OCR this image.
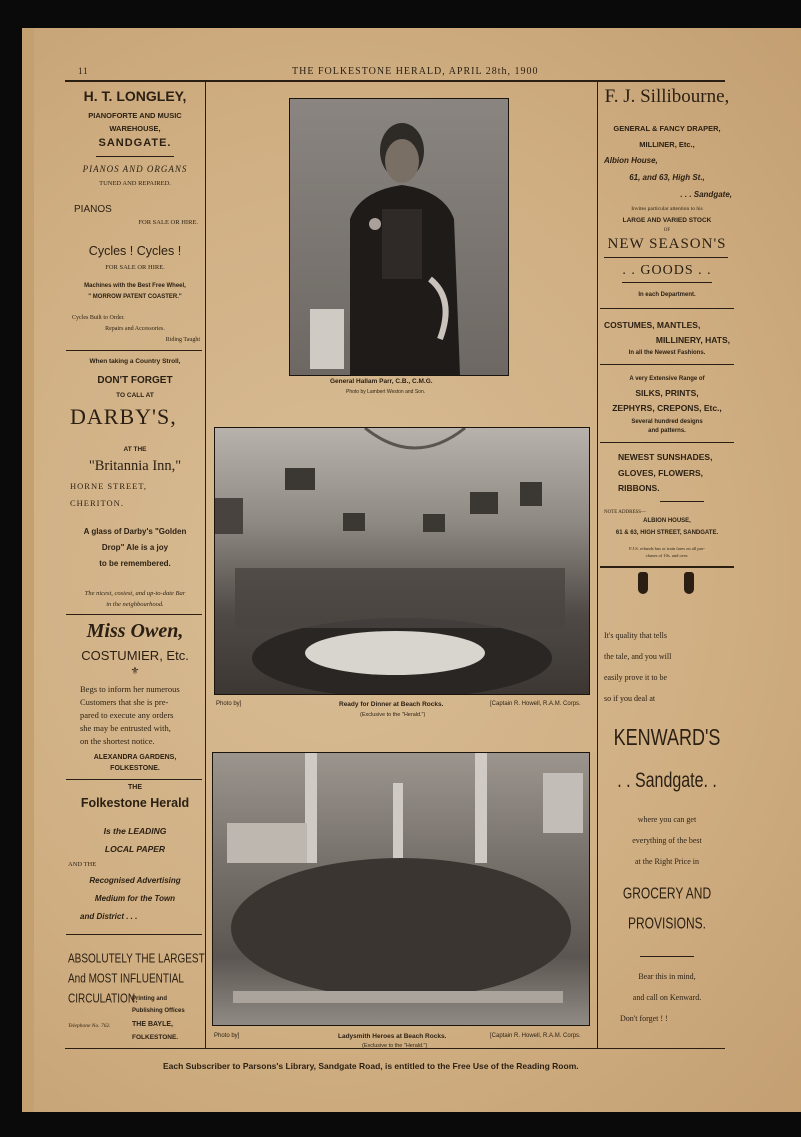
11	THE FOLKESTONE HERALD, APRIL 28th, 1900
H. T. LONGLEY,
PIANOFORTE AND MUSIC
WAREHOUSE,
SANDGATE.
PIANOS AND ORGANS
TUNED AND REPAIRED.
PIANOS
FOR SALE OR HIRE.
Cycles ! Cycles !
FOR SALE OR HIRE.
Machines with the Best Free Wheel,
" MORROW PATENT COASTER."
Cycles Built to Order.
Repairs and Accessories.
Riding Taught
When taking a Country Stroll,
DON'T FORGET
TO CALL AT
DARBY'S,
AT THE
"Britannia Inn,"
HORNE STREET,
CHERITON.
A glass of Darby's "Golden
Drop" Ale is a joy
to be remembered.
The nicest, cosiest, and up-to-date Bar
in the neighbourhood.
Miss Owen,
COSTUMIER, Etc.
⚜
Begs to inform her numerous
Customers that she is pre-
pared to execute any orders
she may be entrusted with,
on the shortest notice.
ALEXANDRA GARDENS,
FOLKESTONE.
THE
Folkestone Herald
Is the LEADING
LOCAL PAPER
AND THE
Recognised Advertising
Medium for the Town
and District . . .
ABSOLUTELY THE LARGEST
And MOST INFLUENTIAL
CIRCULATION.
Printing and
Publishing Offices
Telephone No. 762.	THE BAYLE,
FOLKESTONE.
General Hallam Parr, C.B., C.M.G.
Photo by Lambert Weston and Son.
Photo by]	Ready for Dinner at Beach Rocks.	[Captain R. Howell, R.A.M. Corps.
(Exclusive to the "Herald.")
Photo by]	Ladysmith Heroes at Beach Rocks.	[Captain R. Howell, R.A.M. Corps.
(Exclusive to the "Herald.")
F. J. Sillibourne,
GENERAL & FANCY DRAPER,
MILLINER, Etc.,
Albion House,
61, and 63, High St.,
. . . Sandgate,
Invites particular attention to his
LARGE AND VARIED STOCK
OF
NEW SEASON'S
. . GOODS . .
In each Department.
COSTUMES, MANTLES,
MILLINERY, HATS,
In all the Newest Fashions.
A very Extensive Range of
SILKS, PRINTS,
ZEPHYRS, CREPONS, Etc.,
Several hundred designs
and patterns.
NEWEST SUNSHADES,
GLOVES, FLOWERS,
RIBBONS.
NOTE ADDRESS—
ALBION HOUSE,
61 & 63, HIGH STREET, SANDGATE.
F.J.S. refunds bus or train fares on all pur-
chases of 10s. and over.
It's quality that tells
the tale, and you will
easily prove it to be
so if you deal at
KENWARD'S
. . Sandgate. .
where you can get
everything of the best
at the Right Price in
GROCERY AND
PROVISIONS.
Bear this in mind,
and call on Kenward.
Don't forget ! !
Each Subscriber to Parsons's Library, Sandgate Road, is entitled to the Free Use of the Reading Room.
